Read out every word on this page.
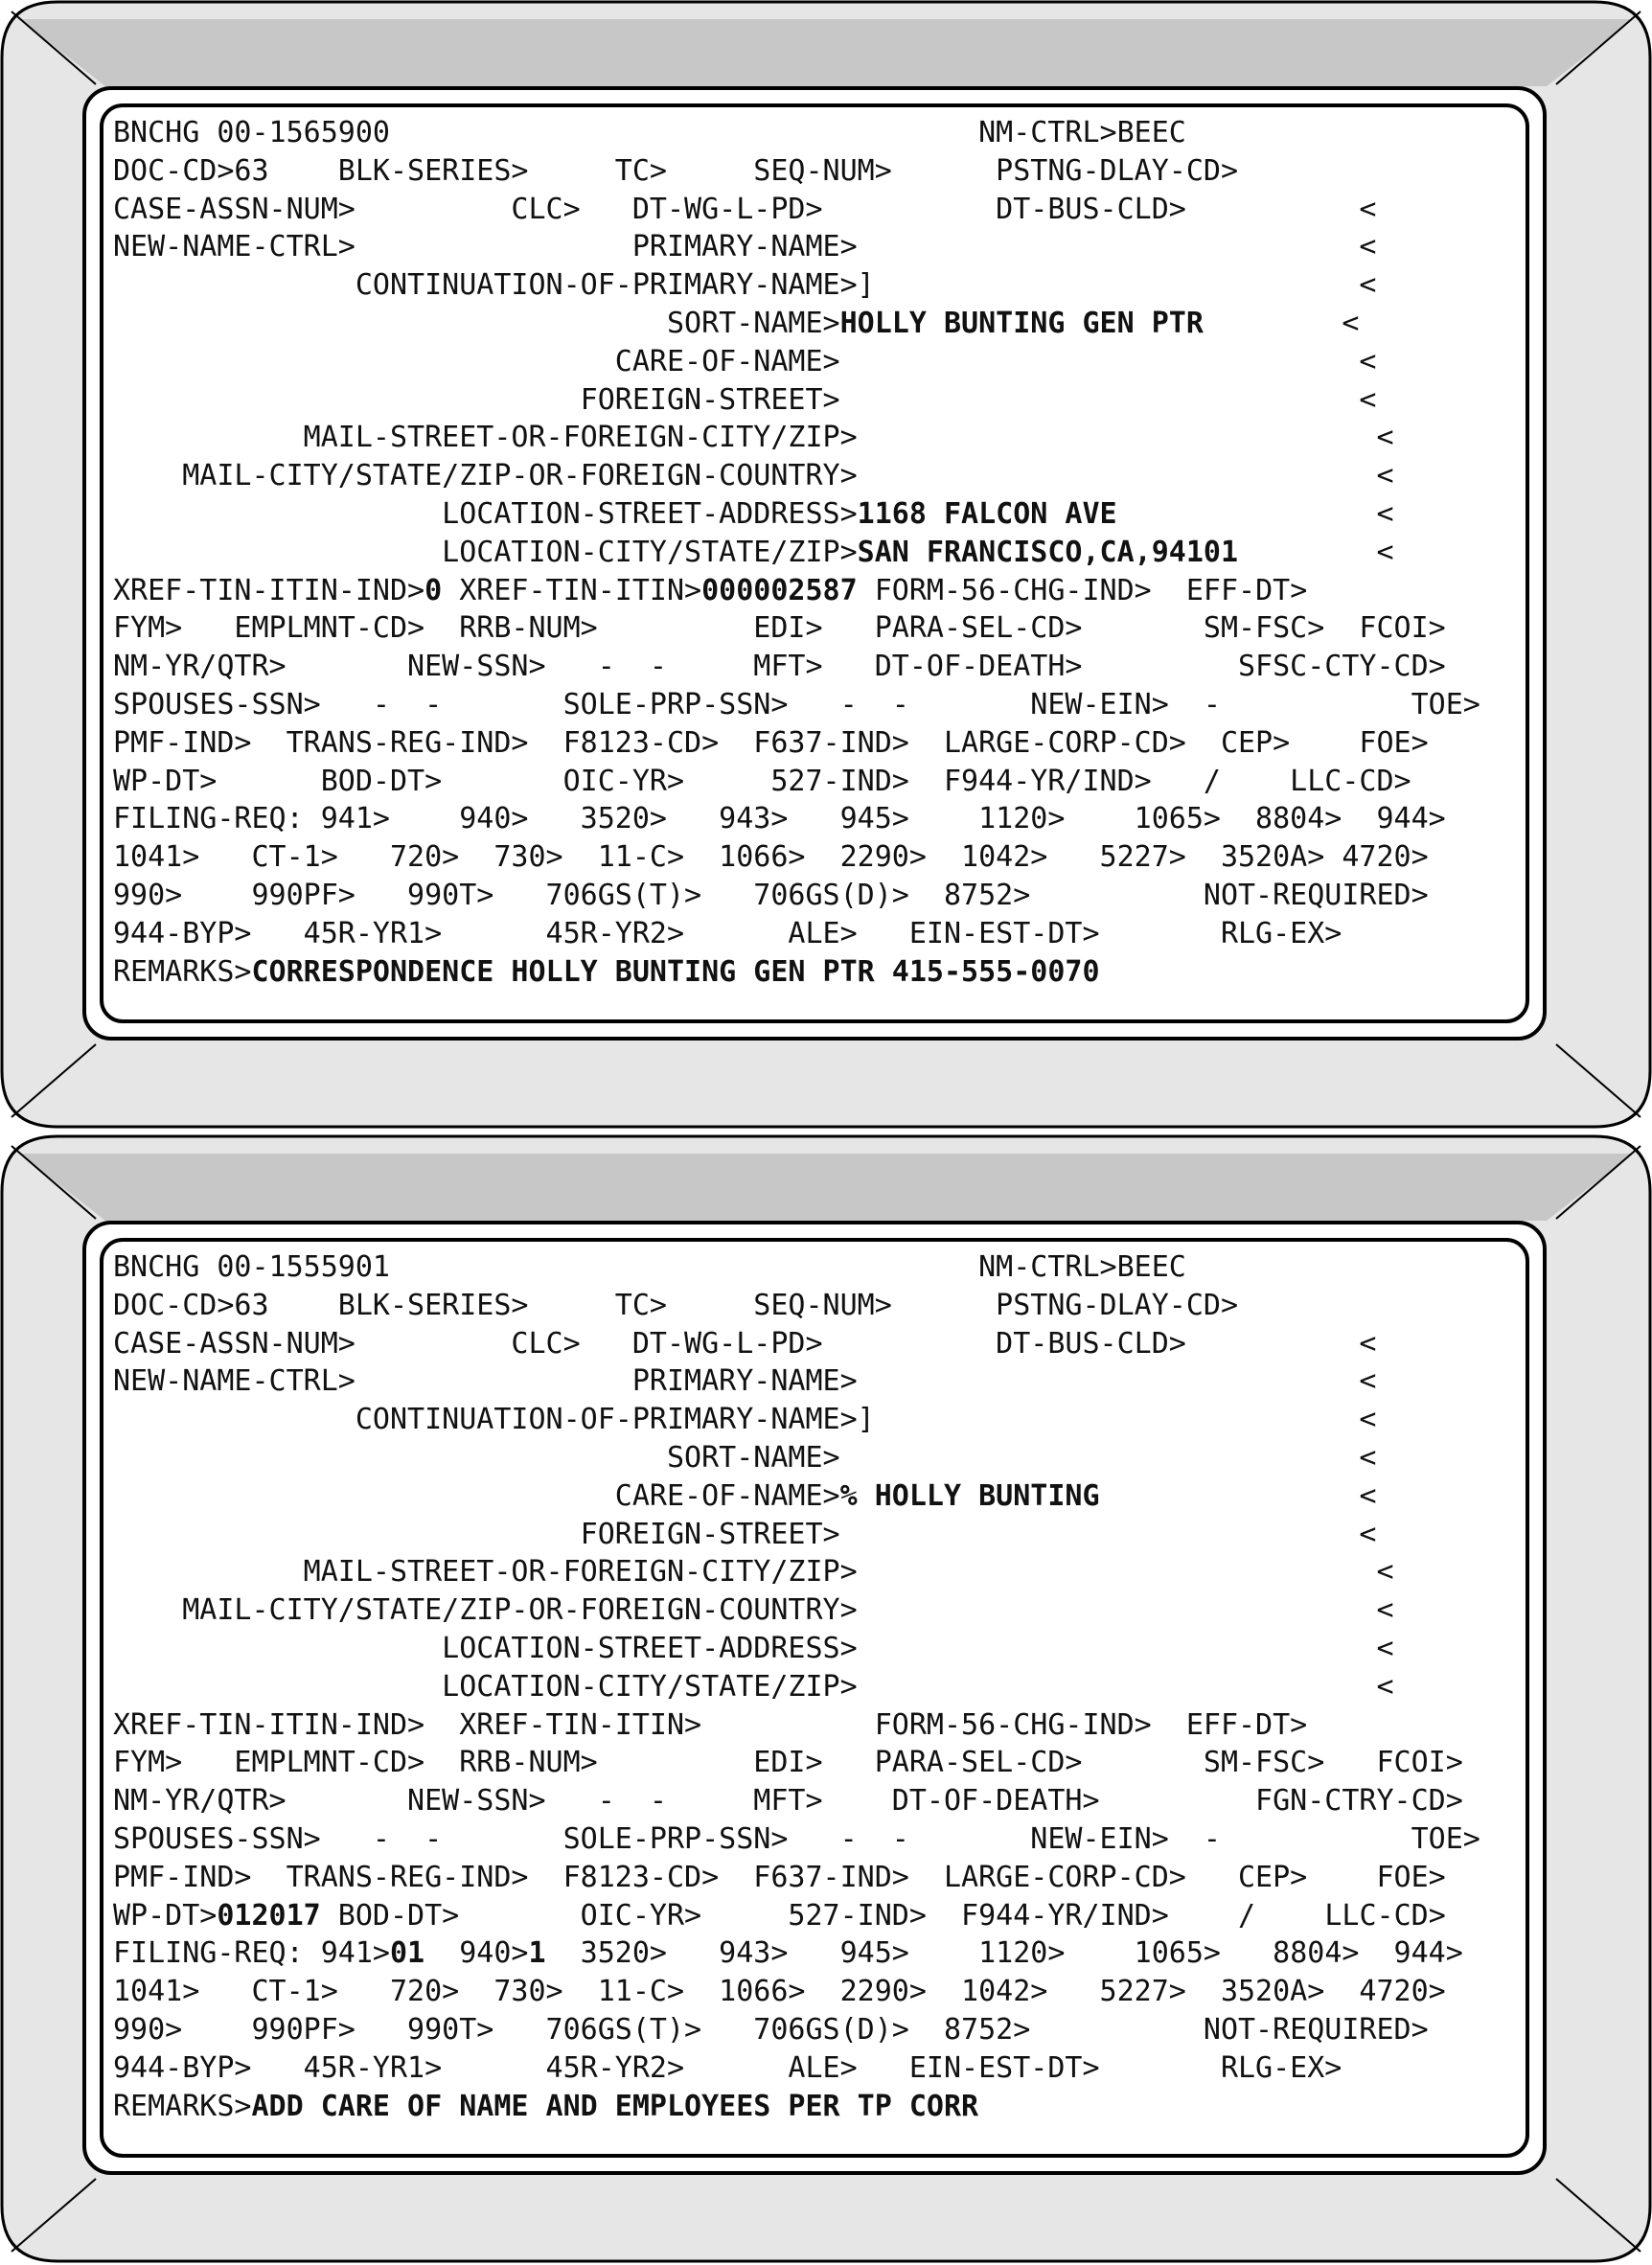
BNCHG 00-1565900                                  NM-CTRL>BEEC
DOC-CD>63    BLK-SERIES>     TC>     SEQ-NUM>      PSTNG-DLAY-CD>
CASE-ASSN-NUM>         CLC>   DT-WG-L-PD>          DT-BUS-CLD>          <
NEW-NAME-CTRL>                PRIMARY-NAME>                             <
CONTINUATION-OF-PRIMARY-NAME>]                            <
SORT-NAME>HOLLY BUNTING GEN PTR        <
CARE-OF-NAME>                              <
FOREIGN-STREET>                              <
MAIL-STREET-OR-FOREIGN-CITY/ZIP>                              <
MAIL-CITY/STATE/ZIP-OR-FOREIGN-COUNTRY>                              <
LOCATION-STREET-ADDRESS>1168 FALCON AVE               <
LOCATION-CITY/STATE/ZIP>SAN FRANCISCO,CA,94101        <
XREF-TIN-ITIN-IND>0 XREF-TIN-ITIN>000002587 FORM-56-CHG-IND>  EFF-DT>
FYM>   EMPLMNT-CD>  RRB-NUM>         EDI>   PARA-SEL-CD>       SM-FSC>  FCOI>
NM-YR/QTR>       NEW-SSN>   -  -     MFT>   DT-OF-DEATH>         SFSC-CTY-CD>
SPOUSES-SSN>   -  -       SOLE-PRP-SSN>   -  -       NEW-EIN>  -           TOE>
PMF-IND>  TRANS-REG-IND>  F8123-CD>  F637-IND>  LARGE-CORP-CD>  CEP>    FOE>
WP-DT>      BOD-DT>       OIC-YR>     527-IND>  F944-YR/IND>   /    LLC-CD>
FILING-REQ: 941>    940>   3520>   943>   945>    1120>    1065>  8804>  944>
1041>   CT-1>   720>  730>  11-C>  1066>  2290>  1042>   5227>  3520A> 4720>
990>    990PF>   990T>   706GS(T)>   706GS(D)>  8752>          NOT-REQUIRED>
944-BYP>   45R-YR1>      45R-YR2>      ALE>   EIN-EST-DT>       RLG-EX>
REMARKS>CORRESPONDENCE HOLLY BUNTING GEN PTR 415-555-0070
BNCHG 00-1555901                                  NM-CTRL>BEEC
DOC-CD>63    BLK-SERIES>     TC>     SEQ-NUM>      PSTNG-DLAY-CD>
CASE-ASSN-NUM>         CLC>   DT-WG-L-PD>          DT-BUS-CLD>          <
NEW-NAME-CTRL>                PRIMARY-NAME>                             <
CONTINUATION-OF-PRIMARY-NAME>]                            <
SORT-NAME>                              <
CARE-OF-NAME>% HOLLY BUNTING               <
FOREIGN-STREET>                              <
MAIL-STREET-OR-FOREIGN-CITY/ZIP>                              <
MAIL-CITY/STATE/ZIP-OR-FOREIGN-COUNTRY>                              <
LOCATION-STREET-ADDRESS>                              <
LOCATION-CITY/STATE/ZIP>                              <
XREF-TIN-ITIN-IND>  XREF-TIN-ITIN>          FORM-56-CHG-IND>  EFF-DT>
FYM>   EMPLMNT-CD>  RRB-NUM>         EDI>   PARA-SEL-CD>       SM-FSC>   FCOI>
NM-YR/QTR>       NEW-SSN>   -  -     MFT>    DT-OF-DEATH>         FGN-CTRY-CD>
SPOUSES-SSN>   -  -       SOLE-PRP-SSN>   -  -       NEW-EIN>  -           TOE>
PMF-IND>  TRANS-REG-IND>  F8123-CD>  F637-IND>  LARGE-CORP-CD>   CEP>    FOE>
WP-DT>012017 BOD-DT>       OIC-YR>     527-IND>  F944-YR/IND>    /    LLC-CD>
FILING-REQ: 941>01  940>1  3520>   943>   945>    1120>    1065>   8804>  944>
1041>   CT-1>   720>  730>  11-C>  1066>  2290>  1042>   5227>  3520A>  4720>
990>    990PF>   990T>   706GS(T)>   706GS(D)>  8752>          NOT-REQUIRED>
944-BYP>   45R-YR1>      45R-YR2>      ALE>   EIN-EST-DT>       RLG-EX>
REMARKS>ADD CARE OF NAME AND EMPLOYEES PER TP CORR
